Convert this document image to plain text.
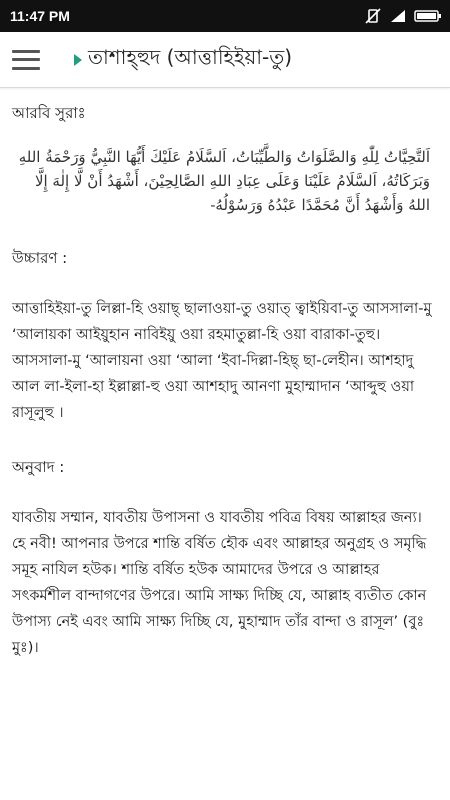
11:47 PM
তাশাহ্হুদ (আত্তাহিইয়া-তু)

আরবি সুরাঃ

اَلتَّحِيَّاتُ لِلّٰهِ وَالصَّلَوَاتُ وَالطَّيِّبَاتُ، اَلسَّلَامُ عَلَيْكَ أَيُّهَا النَّبِيُّ وَرَحْمَةُ اللهِ وَبَرَكَاتُهُ، اَلسَّلَامُ عَلَيْنَا وَعَلَى عِبَادِ اللهِ الصَّالِحِيْنَ، أَشْهَدُ أَنْ لَّا إِلٰهَ إِلَّا اللهُ وَأَشْهَدُ أَنَّ مُحَمَّدًا عَبْدُهُ وَرَسُوْلُهُ-

উচ্চারণ :

আত্তাহিইয়া-তু লিল্লা-হি ওয়াছ্ ছালাওয়া-তু ওয়াত্ ত্বাইয়িবা-তু আসসালা-মু ‘আলায়কা আইয়ুহান নাবিইয়ু ওয়া রহমাতুল্লা-হি ওয়া বারাকা-তুহু। আসসালা-মু ‘আলায়না ওয়া ‘আলা ‘ইবা-দিল্লা-হিছ্ ছা-লেহীন। আশহাদু আল লা-ইলা-হা ইল্লাল্লা-হু ওয়া আশহাদু আনণা মুহাম্মাদান ‘আব্দুহু ওয়া রাসূলুহু ।

অনুবাদ :

যাবতীয় সম্মান, যাবতীয় উপাসনা ও যাবতীয় পবিত্র বিষয় আল্লাহর জন্য। হে নবী! আপনার উপরে শান্তি বর্ষিত হৌক এবং আল্লাহর অনুগ্রহ ও সমৃদ্ধি সমূহ নাযিল হউক। শান্তি বর্ষিত হউক আমাদের উপরে ও আল্লাহর সৎকর্মশীল বান্দাগণের উপরে। আমি সাক্ষ্য দিচ্ছি যে, আল্লাহ ব্যতীত কোন উপাস্য নেই এবং আমি সাক্ষ্য দিচ্ছি যে, মুহাম্মাদ তাঁর বান্দা ও রাসূল’ (বুঃ মুঃ)।
